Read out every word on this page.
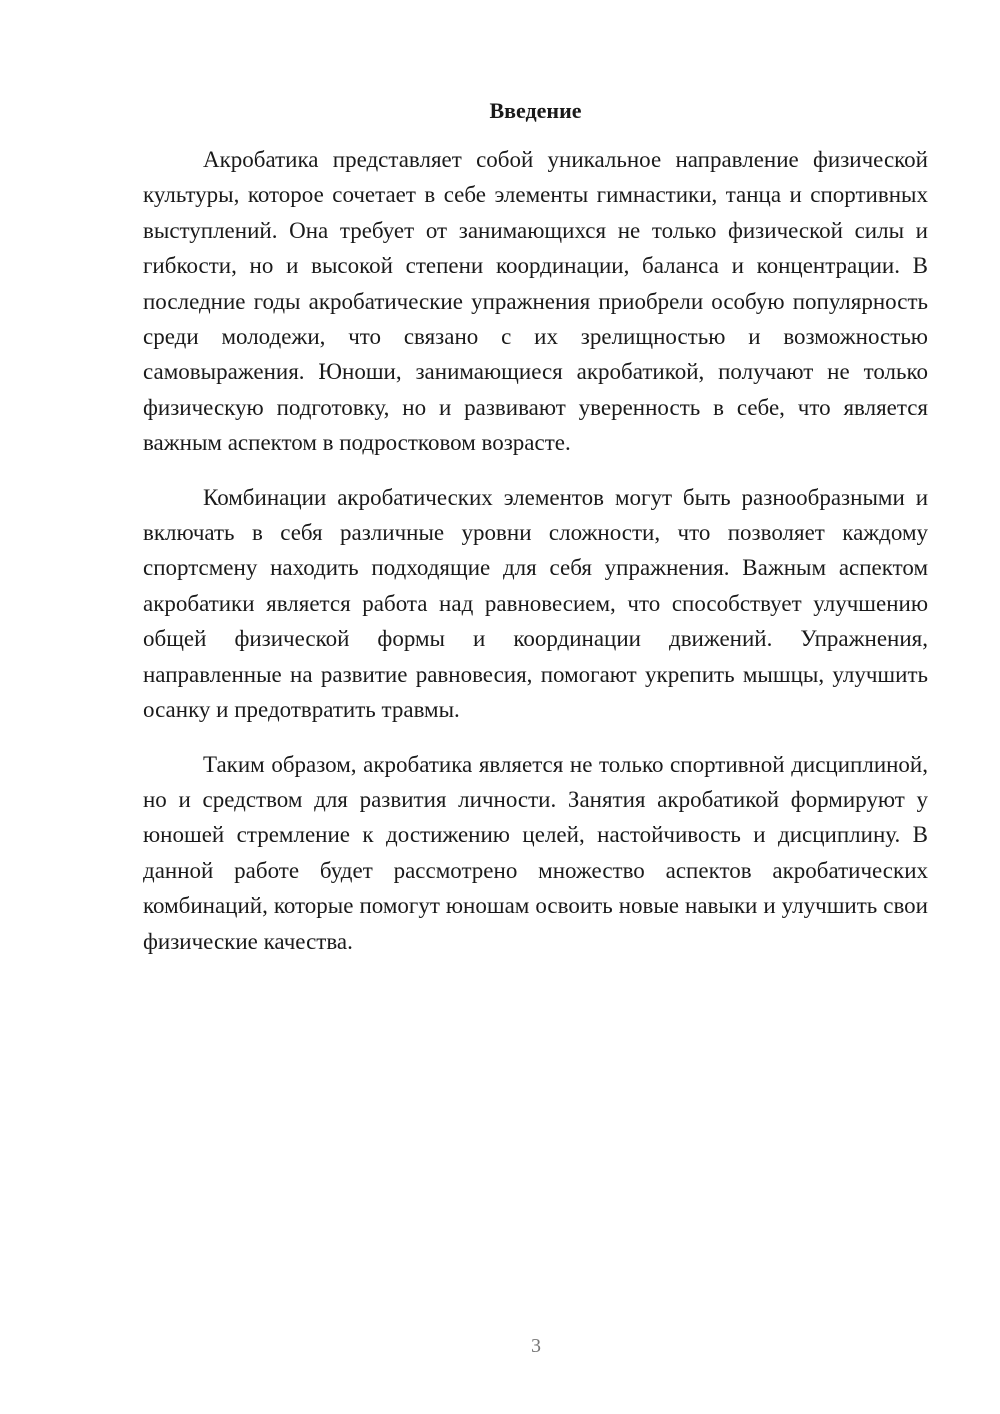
Введение

Акробатика представляет собой уникальное направление физической культуры, которое сочетает в себе элементы гимнастики, танца и спортивных выступлений. Она требует от занимающихся не только физической силы и гибкости, но и высокой степени координации, баланса и концентрации. В последние годы акробатические упражнения приобрели особую популярность среди молодежи, что связано с их зрелищностью и возможностью самовыражения. Юноши, занимающиеся акробатикой, получают не только физическую подготовку, но и развивают уверенность в себе, что является важным аспектом в подростковом возрасте.

Комбинации акробатических элементов могут быть разнообразными и включать в себя различные уровни сложности, что позволяет каждому спортсмену находить подходящие для себя упражнения. Важным аспектом акробатики является работа над равновесием, что способствует улучшению общей физической формы и координации движений. Упражнения, направленные на развитие равновесия, помогают укрепить мышцы, улучшить осанку и предотвратить травмы.

Таким образом, акробатика является не только спортивной дисциплиной, но и средством для развития личности. Занятия акробатикой формируют у юношей стремление к достижению целей, настойчивость и дисциплину. В данной работе будет рассмотрено множество аспектов акробатических комбинаций, которые помогут юношам освоить новые навыки и улучшить свои физические качества.

3
